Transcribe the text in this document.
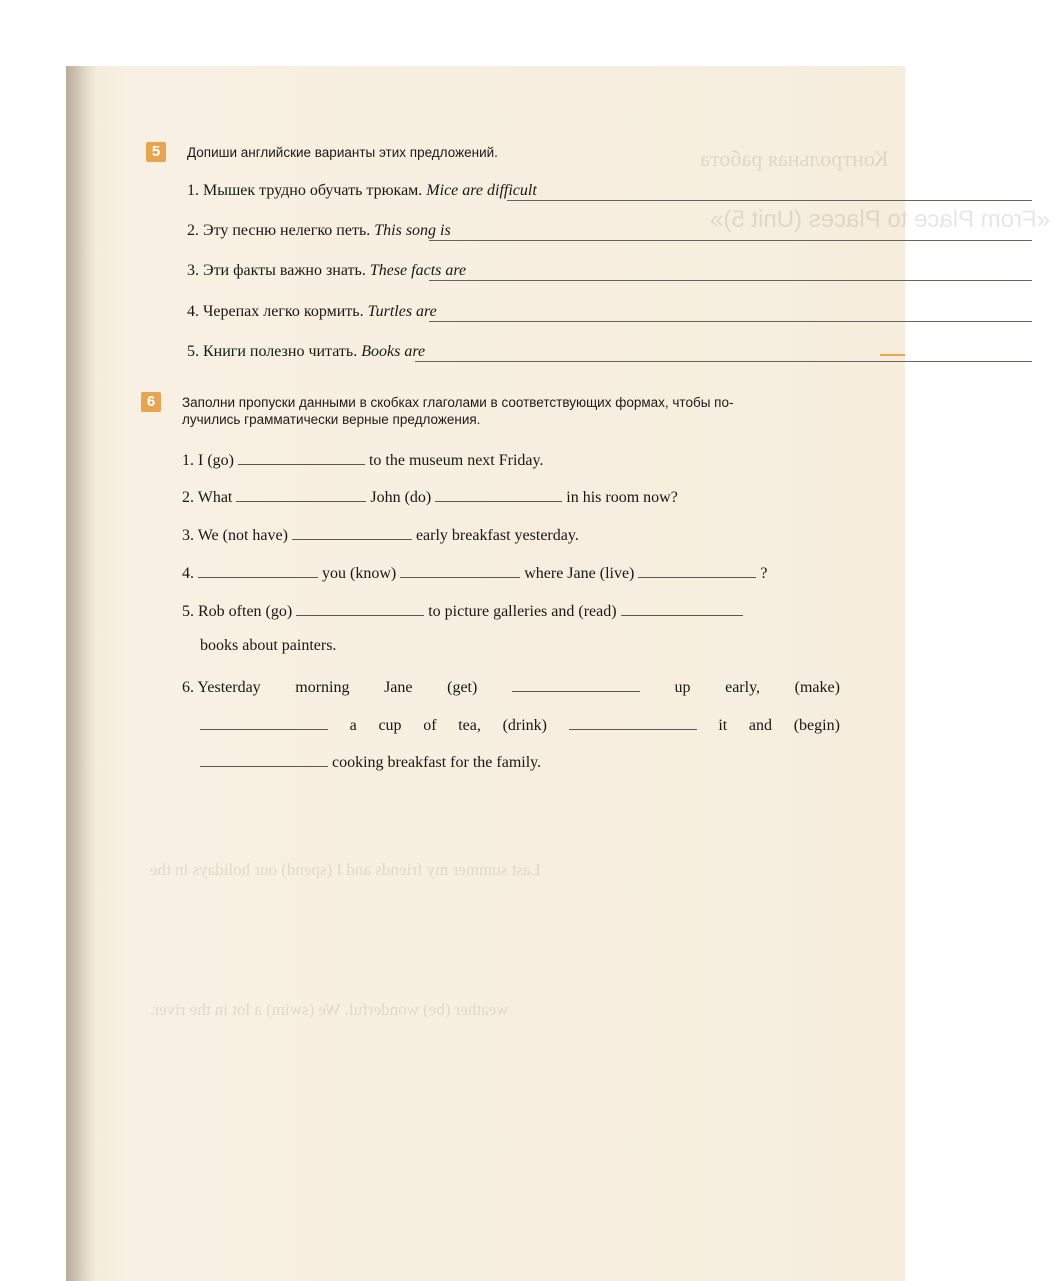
Контрольная работа
«From Place to Places (Unit 5)»
Last summer my friends and I (spend) our holidays in the
weather (be) wonderful. We (swim) a lot in the river.
5	Допиши английские варианты этих предложений.
1. Мышек трудно обучать трюкам. Mice are difficult
2. Эту песню нелегко петь. This song is
3. Эти факты важно знать. These facts are
4. Черепах легко кормить. Turtles are
5. Книги полезно читать. Books are
6	Заполни пропуски данными в скобках глаголами в соответствующих формах, чтобы по-
лучились грамматически верные предложения.
1. I (go)	to the museum next Friday.
2. What	John (do)	in his room now?
3. We (not have)	early breakfast yesterday.
4.	you (know)	where Jane (live)	?
5. Rob often (go)	to picture galleries and (read)
books about painters.
6. Yesterday morning Jane (get)	up early, (make)
a cup of tea, (drink)	it and (begin)
cooking breakfast for the family.
